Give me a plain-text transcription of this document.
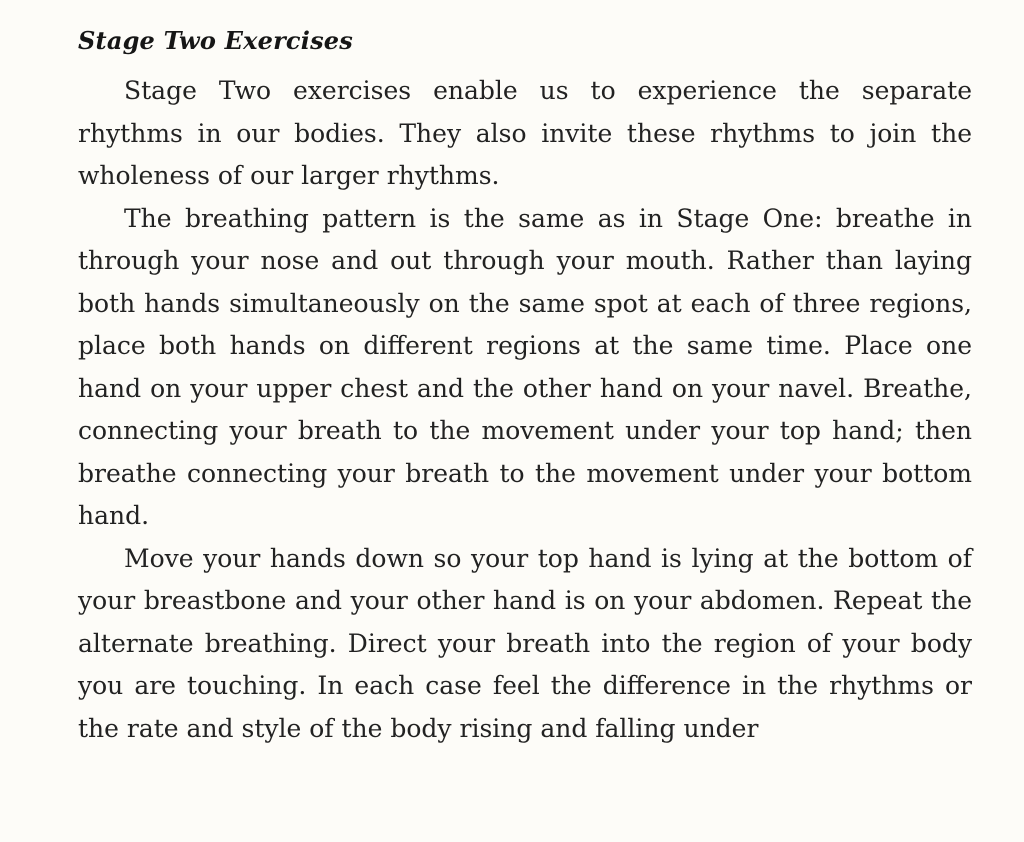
Stage Two Exercises

Stage Two exercises enable us to experience the separate rhythms in our bodies. They also invite these rhythms to join the wholeness of our larger rhythms.

The breathing pattern is the same as in Stage One: breathe in through your nose and out through your mouth. Rather than laying both hands simultaneously on the same spot at each of three regions, place both hands on different regions at the same time. Place one hand on your upper chest and the other hand on your navel. Breathe, connecting your breath to the movement under your top hand; then breathe connecting your breath to the movement under your bottom hand.

Move your hands down so your top hand is lying at the bottom of your breastbone and your other hand is on your abdomen. Repeat the alternate breathing. Direct your breath into the region of your body you are touching. In each case feel the difference in the rhythms or the rate and style of the body rising and falling under
